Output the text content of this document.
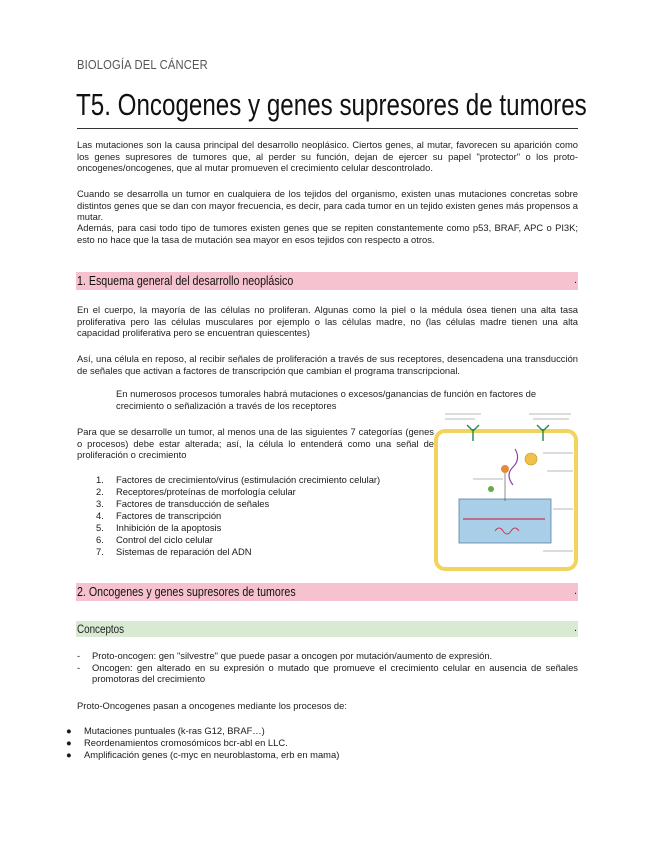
BIOLOGÍA DEL CÁNCER
T5. Oncogenes y genes supresores de tumores

Las mutaciones son la causa principal del desarrollo neoplásico. Ciertos genes, al mutar, favorecen su aparición como los genes supresores de tumores que, al perder su función, dejan de ejercer su papel "protector" o los proto-oncogenes/oncogenes, que al mutar promueven el crecimiento celular descontrolado.

Cuando se desarrolla un tumor en cualquiera de los tejidos del organismo, existen unas mutaciones concretas sobre distintos genes que se dan con mayor frecuencia, es decir, para cada tumor en un tejido existen genes más propensos a mutar.

Además, para casi todo tipo de tumores existen genes que se repiten constantemente como p53, BRAF, APC o PI3K; esto no hace que la tasa de mutación sea mayor en esos tejidos con respecto a otros.

1. Esquema general del desarrollo neoplásico	.

En el cuerpo, la mayoría de las células no proliferan. Algunas como la piel o la médula ósea tienen una alta tasa proliferativa pero las células musculares por ejemplo o las células madre, no (las células madre tienen una alta capacidad proliferativa pero se encuentran quiescentes)

Así, una célula en reposo, al recibir señales de proliferación a través de sus receptores, desencadena una transducción de señales que activan a factores de transcripción que cambian el programa transcripcional.

En numerosos procesos tumorales habrá mutaciones o excesos/ganancias de función en factores de crecimiento o señalización a través de los receptores

Para que se desarrolle un tumor, al menos una de las siguientes 7 categorías (genes o procesos) debe estar alterada; así, la célula lo entenderá como una señal de proliferación o crecimiento

1. Factores de crecimiento/virus (estimulación crecimiento celular)
2. Receptores/proteínas de morfología celular
3. Factores de transducción de señales
4. Factores de transcripción
5. Inhibición de la apoptosis
6. Control del ciclo celular
7. Sistemas de reparación del ADN
2. Oncogenes y genes supresores de tumores	.
Conceptos	.
- Proto-oncogen: gen "silvestre" que puede pasar a oncogen por mutación/aumento de expresión.
- Oncogen: gen alterado en su expresión o mutado que promueve el crecimiento celular en ausencia de señales promotoras del crecimiento

Proto-Oncogenes pasan a oncogenes mediante los procesos de:

● Mutaciones puntuales (k-ras G12, BRAF…)
● Reordenamientos cromosómicos bcr-abl en LLC.
● Amplificación genes (c-myc en neuroblastoma, erb en mama)
